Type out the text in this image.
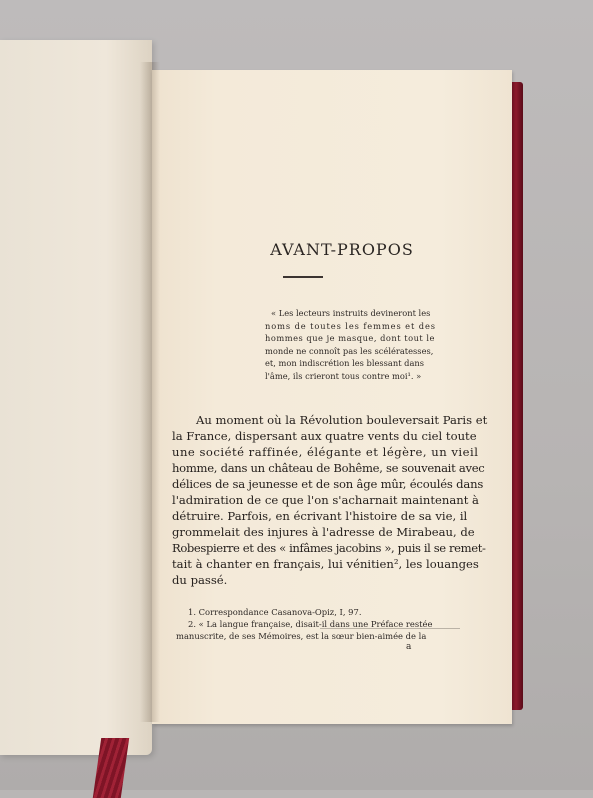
AVANT-PROPOS
« Les lecteurs instruits devineront les
noms de toutes les femmes et des
hommes que je masque, dont tout le
monde ne connoît pas les scélératesses,
et, mon indiscrétion les blessant dans
l'âme, ils crieront tous contre moi¹. »
Au moment où la Révolution bouleversait Paris et
la France, dispersant aux quatre vents du ciel toute
une société raffinée, élégante et légère, un vieil
homme, dans un château de Bohême, se souvenait avec
délices de sa jeunesse et de son âge mûr, écoulés dans
l'admiration de ce que l'on s'acharnait maintenant à
détruire. Parfois, en écrivant l'histoire de sa vie, il
grommelait des injures à l'adresse de Mirabeau, de
Robespierre et des « infâmes jacobins », puis il se remet-
tait à chanter en français, lui vénitien², les louanges
du passé.
1. Correspondance Casanova-Opiz, I, 97.
2. « La langue française, disait-il dans une Préface restée
manuscrite, de ses Mémoires, est la sœur bien-aimée de la
a
